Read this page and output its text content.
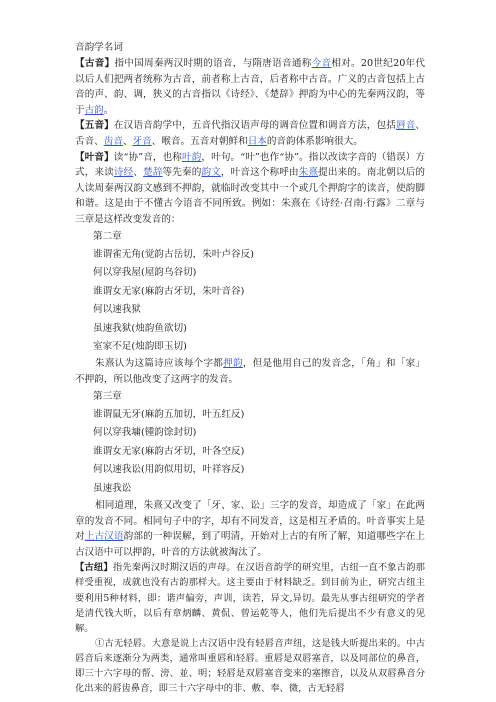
音韵学名词

【古音】指中国周秦两汉时期的语音，与隋唐语音通称今音相对。20世纪20年代以后人们把两者统称为古音，前者称上古音，后者称中古音。广义的古音包括上古音的声、韵、调，狭义的古音指以《诗经》、《楚辞》押韵为中心的先秦两汉韵，等于古韵。

【五音】在汉语音韵学中，五音代指汉语声母的调音位置和调音方法，包括唇音、舌音、齿音、牙音、喉音。五音对朝鲜和日本的音韵体系影响很大。

【叶音】读“协”音，也称叶韵，叶句。“叶”也作“协”。指以改读字音的（错误）方式，来读诗经、楚辞等先秦的韵文，叶音这个称呼由朱熹提出来的。南北朝以后的人读周秦两汉韵文感到不押韵，就临时改变其中一个或几个押韵字的读音，使韵脚和谐。这是由于不懂古今语音不同所致。例如：朱熹在《诗经·召南·行露》二章与三章是这样改变发音的：

第二章

谁谓雀无角(觉韵古岳切，朱叶卢谷反)

何以穿我屋(屋韵乌谷切)

谁谓女无家(麻韵古牙切，朱叶音谷)

何以速我狱

虽速我狱(烛韵鱼欲切)

室家不足(烛韵即玉切)

朱熹认为这篇诗应该每个字都押韵，但是他用自己的发音念，「角」和「家」不押韵，所以他改变了这两字的发音。

第三章

谁谓鼠无牙(麻韵五加切，叶五红反)

何以穿我墉(锺韵馀封切)

谁谓女无家(麻韵古牙切，叶各空反)

何以速我讼(用韵似用切，叶祥容反)

虽速我讼

相同道理，朱熹又改变了「牙、家、讼」三字的发音，却造成了「家」在此两章的发音不同。相同句子中的字，却有不同发音，这是相互矛盾的。叶音事实上是对上古汉语韵部的一种误解，到了明清，开始对上古的有所了解，知道哪些字在上古汉语中可以押韵，叶音的方法就被淘汰了。

【古纽】指先秦两汉时期汉语的声母。在汉语音韵学的研究里，古纽一直不象古韵那样受重视，成就也没有古韵那样大。这主要由于材料缺乏。到目前为止，研究古纽主要利用5种材料，即：谐声偏旁，声训，读若，异文,异切。最先从事古纽研究的学者是清代钱大昕，以后有章炳麟、黄侃、曾运乾等人，他们先后提出不少有意义的见解。

①古无轻唇。大意是说上古汉语中没有轻唇音声纽，这是钱大昕提出来的。中古唇音后来逐渐分为两类，通常叫重唇和轻唇。重唇是双唇塞音，以及同部位的鼻音，即三十六字母的帮、滂、並、明；轻唇是双唇塞音变来的塞擦音，以及从双唇鼻音分化出来的唇齿鼻音，即三十六字母中的非、敷、奉、微，古无轻唇
